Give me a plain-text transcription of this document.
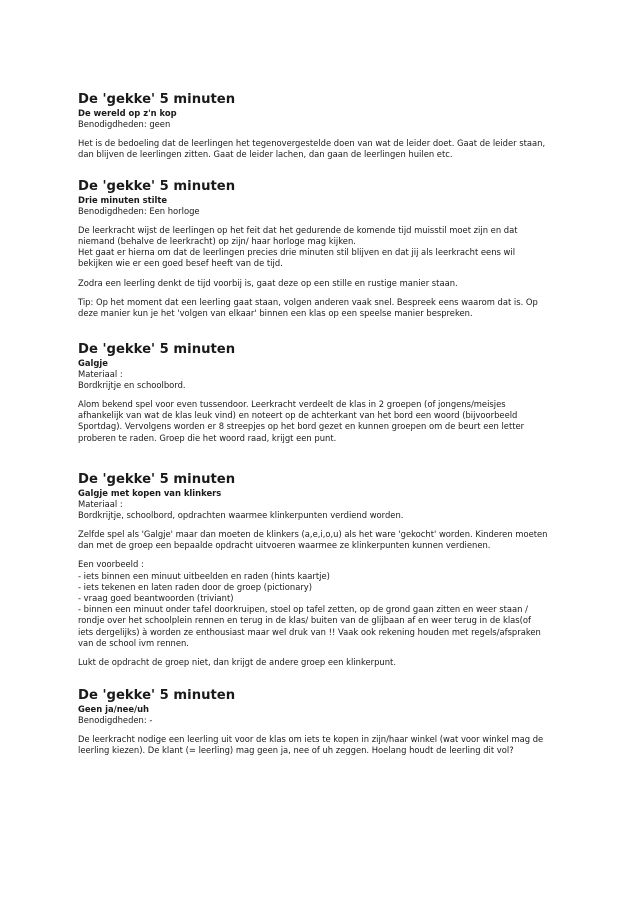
De 'gekke' 5 minuten
De wereld op z'n kop
Benodigdheden: geen
Het is de bedoeling dat de leerlingen het tegenovergestelde doen van wat de leider doet. Gaat de leider staan,
dan blijven de leerlingen zitten. Gaat de leider lachen, dan gaan de leerlingen huilen etc.
De 'gekke' 5 minuten
Drie minuten stilte
Benodigdheden: Een horloge
De leerkracht wijst de leerlingen op het feit dat het gedurende de komende tijd muisstil moet zijn en dat
niemand (behalve de leerkracht) op zijn/ haar horloge mag kijken.
Het gaat er hierna om dat de leerlingen precies drie minuten stil blijven en dat jij als leerkracht eens wil
bekijken wie er een goed besef heeft van de tijd.
Zodra een leerling denkt de tijd voorbij is, gaat deze op een stille en rustige manier staan.
Tip: Op het moment dat een leerling gaat staan, volgen anderen vaak snel. Bespreek eens waarom dat is. Op
deze manier kun je het 'volgen van elkaar' binnen een klas op een speelse manier bespreken.
De 'gekke' 5 minuten
Galgje
Materiaal :
Bordkrijtje en schoolbord.
Alom bekend spel voor even tussendoor. Leerkracht verdeelt de klas in 2 groepen (of jongens/meisjes
afhankelijk van wat de klas leuk vind) en noteert op de achterkant van het bord een woord (bijvoorbeeld
Sportdag). Vervolgens worden er 8 streepjes op het bord gezet en kunnen groepen om de beurt een letter
proberen te raden. Groep die het woord raad, krijgt een punt.
De 'gekke' 5 minuten
Galgje met kopen van klinkers
Materiaal :
Bordkrijtje, schoolbord, opdrachten waarmee klinkerpunten verdiend worden.
Zelfde spel als 'Galgje' maar dan moeten de klinkers (a,e,i,o,u) als het ware 'gekocht' worden. Kinderen moeten
dan met de groep een bepaalde opdracht uitvoeren waarmee ze klinkerpunten kunnen verdienen.
Een voorbeeld :
- iets binnen een minuut uitbeelden en raden (hints kaartje)
- iets tekenen en laten raden door de groep (pictionary)
- vraag goed beantwoorden (triviant)
- binnen een minuut onder tafel doorkruipen, stoel op tafel zetten, op de grond gaan zitten en weer staan /
rondje over het schoolplein rennen en terug in de klas/ buiten van de glijbaan af en weer terug in de klas(of
iets dergelijks) à worden ze enthousiast maar wel druk van !! Vaak ook rekening houden met regels/afspraken
van de school ivm rennen.
Lukt de opdracht de groep niet, dan krijgt de andere groep een klinkerpunt.
De 'gekke' 5 minuten
Geen ja/nee/uh
Benodigdheden: -
De leerkracht nodige een leerling uit voor de klas om iets te kopen in zijn/haar winkel (wat voor winkel mag de
leerling kiezen). De klant (= leerling) mag geen ja, nee of uh zeggen. Hoelang houdt de leerling dit vol?
